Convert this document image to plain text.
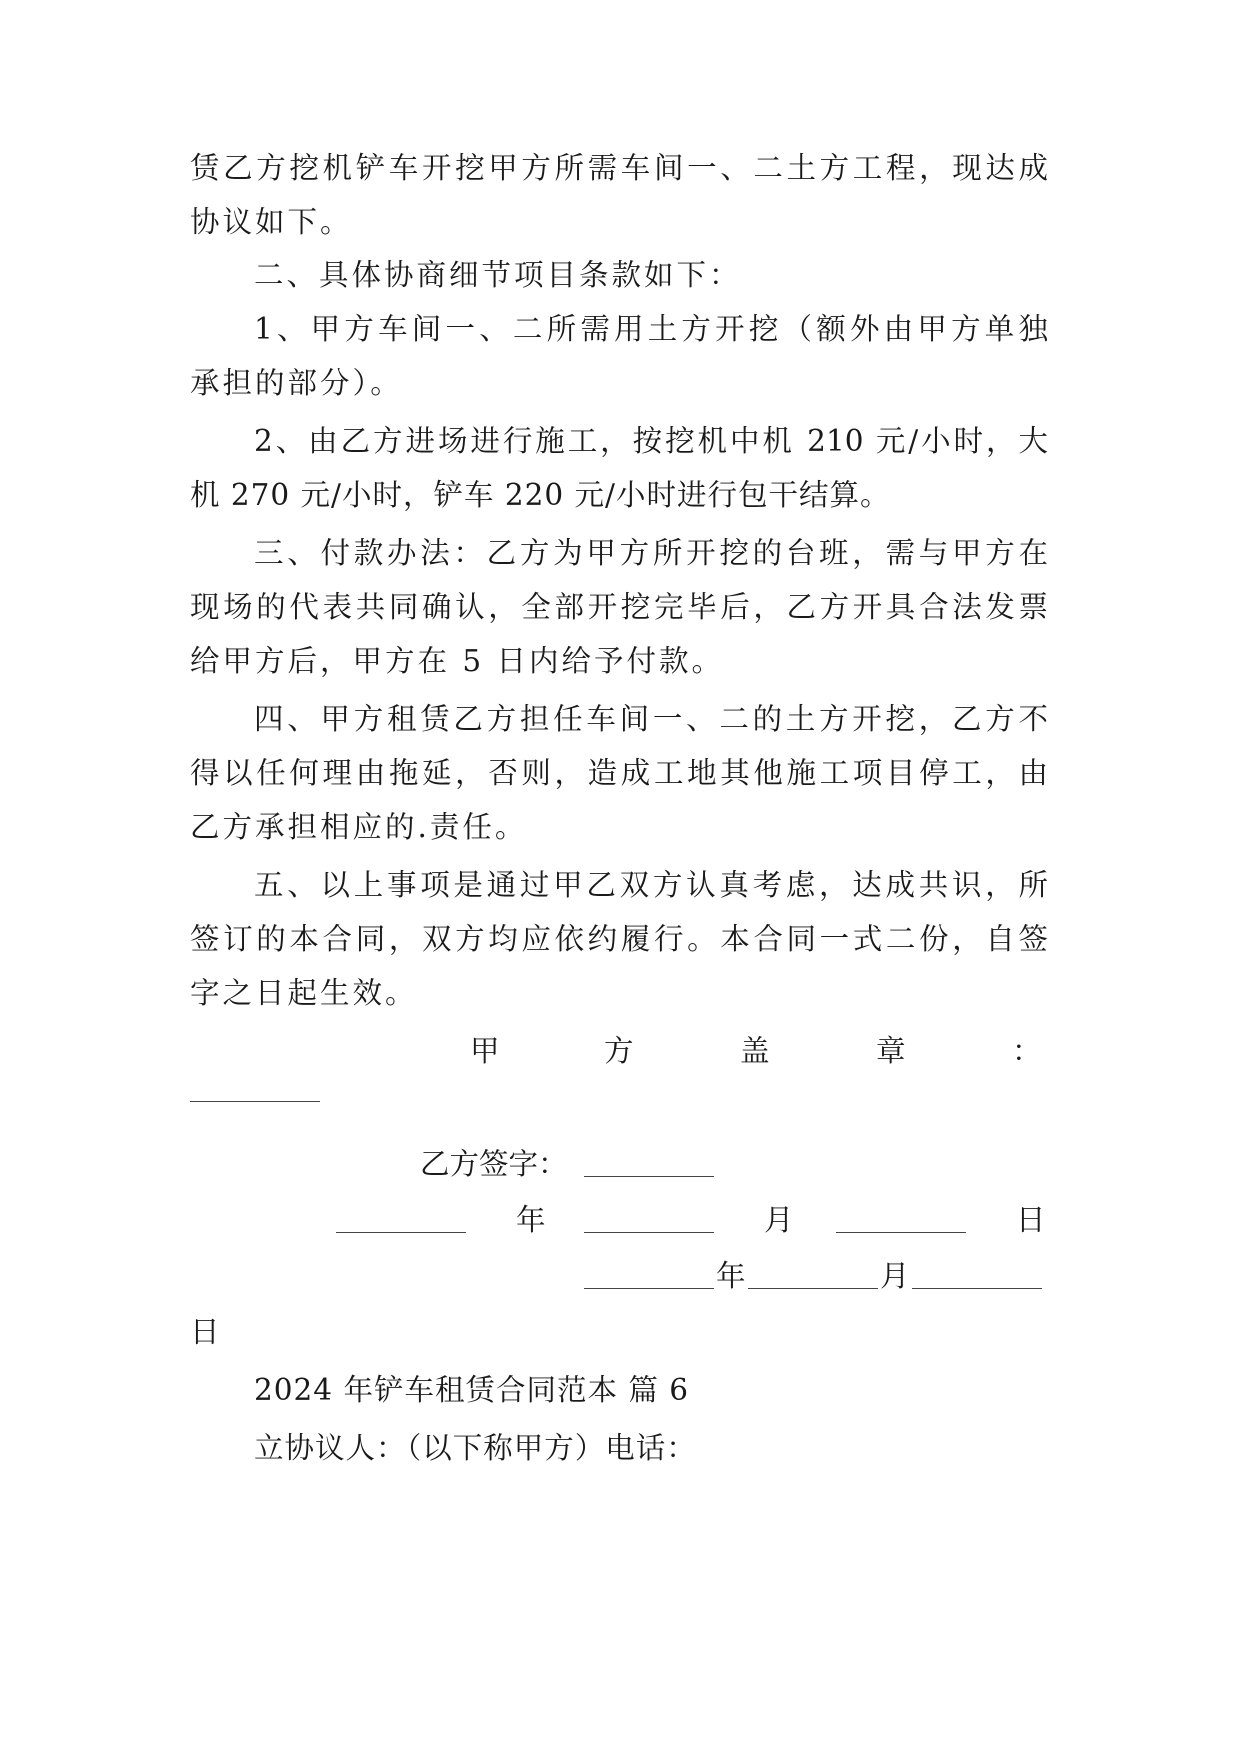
赁乙方挖机铲车开挖甲方所需车间一、二土方工程，现达成
协议如下。
二、具体协商细节项目条款如下：
1、甲方车间一、二所需用土方开挖（额外由甲方单独
承担的部分）。
2、由乙方进场进行施工，按挖机中机 210 元/小时，大
机 270 元/小时，铲车 220 元/小时进行包干结算。
三、付款办法：乙方为甲方所开挖的台班，需与甲方在
现场的代表共同确认，全部开挖完毕后，乙方开具合法发票
给甲方后，甲方在 5 日内给予付款。
四、甲方租赁乙方担任车间一、二的土方开挖，乙方不
得以任何理由拖延，否则，造成工地其他施工项目停工，由
乙方承担相应的.责任。
五、以上事项是通过甲乙双方认真考虑，达成共识，所
签订的本合同，双方均应依约履行。本合同一式二份，自签
字之日起生效。
甲	方	盖	章	：
乙方签字：
年	月	日
年	月
日
2024 年铲车租赁合同范本 篇 6
立协议人：（以下称甲方）电话：
